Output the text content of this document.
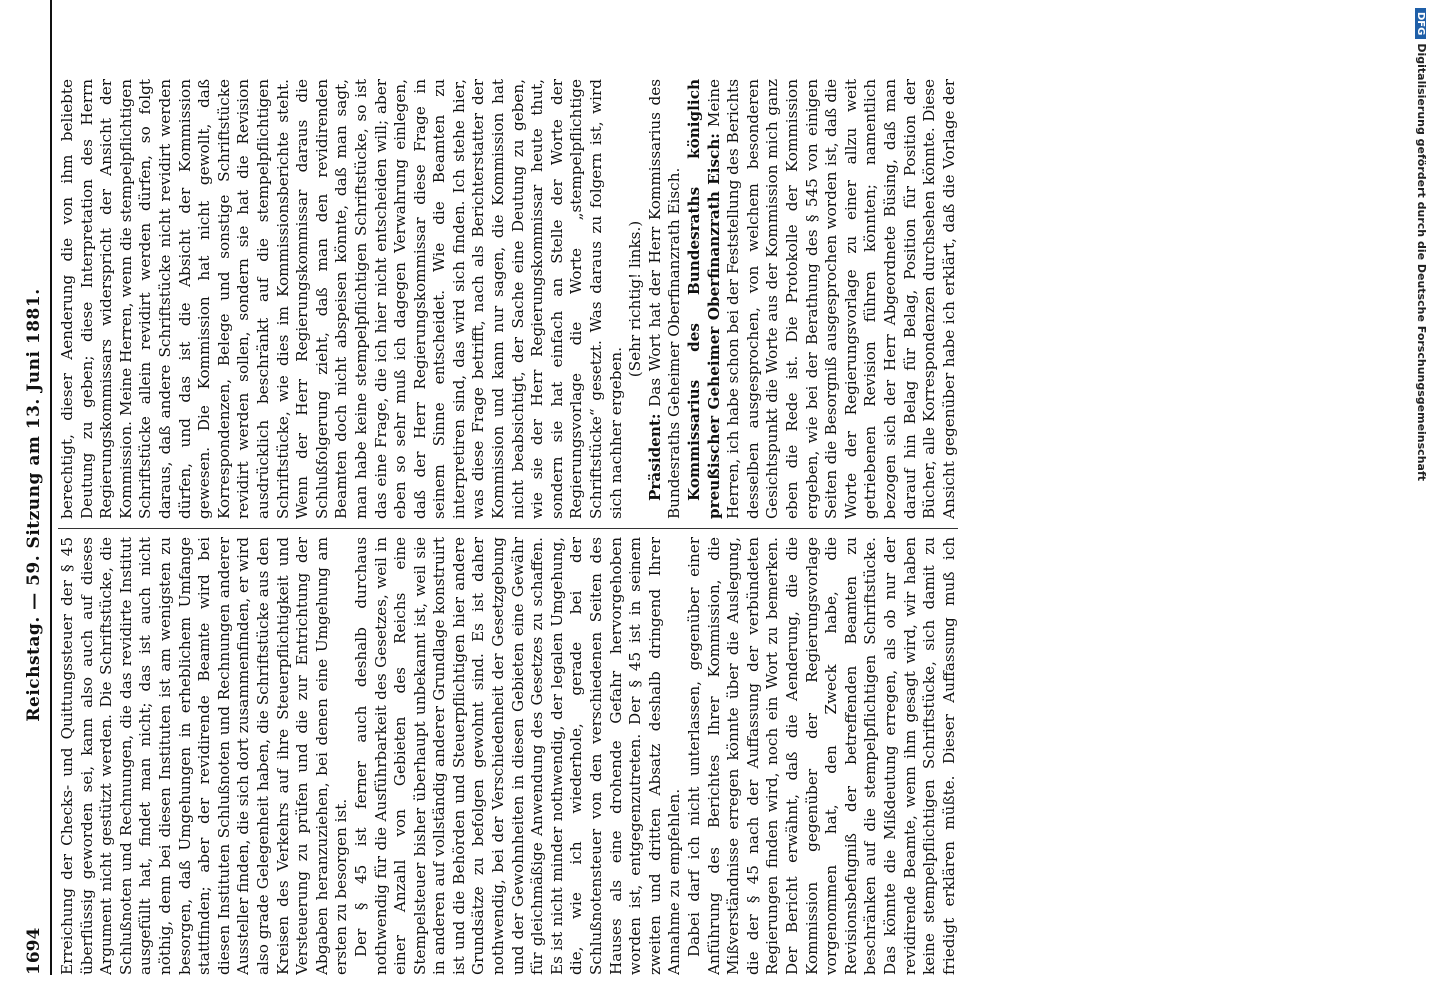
1694
Reichstag. — 59. Sitzung am 13. Juni 1881.

Erreichung der Checks- und Quittungssteuer der § 45 überflüssig geworden sei, kann also auch auf dieses Argument nicht gestützt werden. Die Schriftstücke, die Schlußnoten und Rechnungen, die das revidirte Institut ausgefüllt hat, findet man nicht; das ist auch nicht nöthig, denn bei diesen Instituten ist am wenigsten zu besorgen, daß Umgehungen in erheblichem Umfange stattfinden; aber der revidirende Beamte wird bei diesen Instituten Schlußnoten und Rechnungen anderer Aussteller finden, die sich dort zusammenfinden, er wird also grade Gelegenheit haben, die Schriftstücke aus den Kreisen des Verkehrs auf ihre Steuerpflichtigkeit und Versteuerung zu prüfen und die zur Entrichtung der Abgaben heranzuziehen, bei denen eine Umgehung am ersten zu besorgen ist. Der § 45 ist ferner auch deshalb durchaus nothwendig für die Ausführbarkeit des Gesetzes, weil in einer Anzahl von Gebieten des Reichs eine Stempelsteuer bisher überhaupt unbekannt ist, weil sie in anderen auf vollständig anderer Grundlage konstruirt ist und die Behörden und Steuerpflichtigen hier andere Grundsätze zu befolgen gewohnt sind. Es ist daher nothwendig, bei der Verschiedenheit der Gesetzgebung und der Gewohnheiten in diesen Gebieten eine Gewähr für gleichmäßige Anwendung des Gesetzes zu schaffen. Es ist nicht minder nothwendig, der legalen Umgehung, die, wie ich wiederhole, gerade bei der Schlußnotensteuer von den verschiedenen Seiten des Hauses als eine drohende Gefahr hervorgehoben worden ist, entgegenzutreten. Der § 45 ist in seinem zweiten und dritten Absatz deshalb dringend Ihrer Annahme zu empfehlen. Dabei darf ich nicht unterlassen, gegenüber einer Anführung des Berichtes Ihrer Kommission, die Mißverständnisse erregen könnte über die Auslegung, die der § 45 nach der Auffassung der verbündeten Regierungen finden wird, noch ein Wort zu bemerken. Der Bericht erwähnt, daß die Aenderung, die die Kommission gegenüber der Regierungsvorlage vorgenommen hat, den Zweck habe, die Revisionsbefugniß der betreffenden Beamten zu beschränken auf die stempelpflichtigen Schriftstücke. Das könnte die Mißdeutung erregen, als ob nur der revidirende Beamte, wenn ihm gesagt wird, wir haben keine stempelpflichtigen Schriftstücke, sich damit zu friedigt erklären müßte. Dieser Auffassung muß ich

berechtigt, dieser Aenderung die von ihm beliebte Deutung zu geben; diese Interpretation des Herrn Regierungskommissars widerspricht der Ansicht der Kommission. Meine Herren, wenn die stempelpflichtigen Schriftstücke allein revidirt werden dürfen, so folgt daraus, daß andere Schriftstücke nicht revidirt werden dürfen, und das ist die Absicht der Kommission gewesen. Die Kommission hat nicht gewollt, daß Korrespondenzen, Belege und sonstige Schriftstücke revidirt werden sollen, sondern sie hat die Revision ausdrücklich beschränkt auf die stempelpflichtigen Schriftstücke, wie dies im Kommissionsberichte steht. Wenn der Herr Regierungskommissar daraus die Schlußfolgerung zieht, daß man den revidirenden Beamten doch nicht abspeisen könnte, daß man sagt, man habe keine stempelpflichtigen Schriftstücke, so ist das eine Frage, die ich hier nicht entscheiden will; aber eben so sehr muß ich dagegen Verwahrung einlegen, daß der Herr Regierungskommissar diese Frage in seinem Sinne entscheidet. Wie die Beamten zu interpretiren sind, das wird sich finden. Ich stehe hier, was diese Frage betrifft, nach als Berichterstatter der Kommission und kann nur sagen, die Kommission hat nicht beabsichtigt, der Sache eine Deutung zu geben, wie sie der Herr Regierungskommissar heute thut, sondern sie hat einfach an Stelle der Worte der Regierungsvorlage die Worte „stempelpflichtige Schriftstücke“ gesetzt. Was daraus zu folgern ist, wird sich nachher ergeben.

(Sehr richtig! links.)

Präsident: Das Wort hat der Herr Kommissarius des Bundesraths Geheimer Oberfinanzrath Eisch. Kommissarius des Bundesraths königlich preußischer Geheimer Oberfinanzrath Eisch: Meine Herren, ich habe schon bei der Feststellung des Berichts desselben ausgesprochen, von welchem besonderen Gesichtspunkt die Worte aus der Kommission mich ganz eben die Rede ist. Die Protokolle der Kommission ergeben, wie bei der Berathung des § 545 von einigen Seiten die Besorgniß ausgesprochen worden ist, daß die Worte der Regierungsvorlage zu einer allzu weit getriebenen Revision führen könnten; namentlich bezogen sich der Herr Abgeordnete Büsing, daß man darauf hin Belag für Belag, Position für Position der Bücher, alle Korrespondenzen durchsehen könnte. Diese Ansicht gegenüber habe ich erklärt, daß die Vorlage der

DFGDigitalisierung gefördert durch die Deutsche Forschungsgemeinschaft
